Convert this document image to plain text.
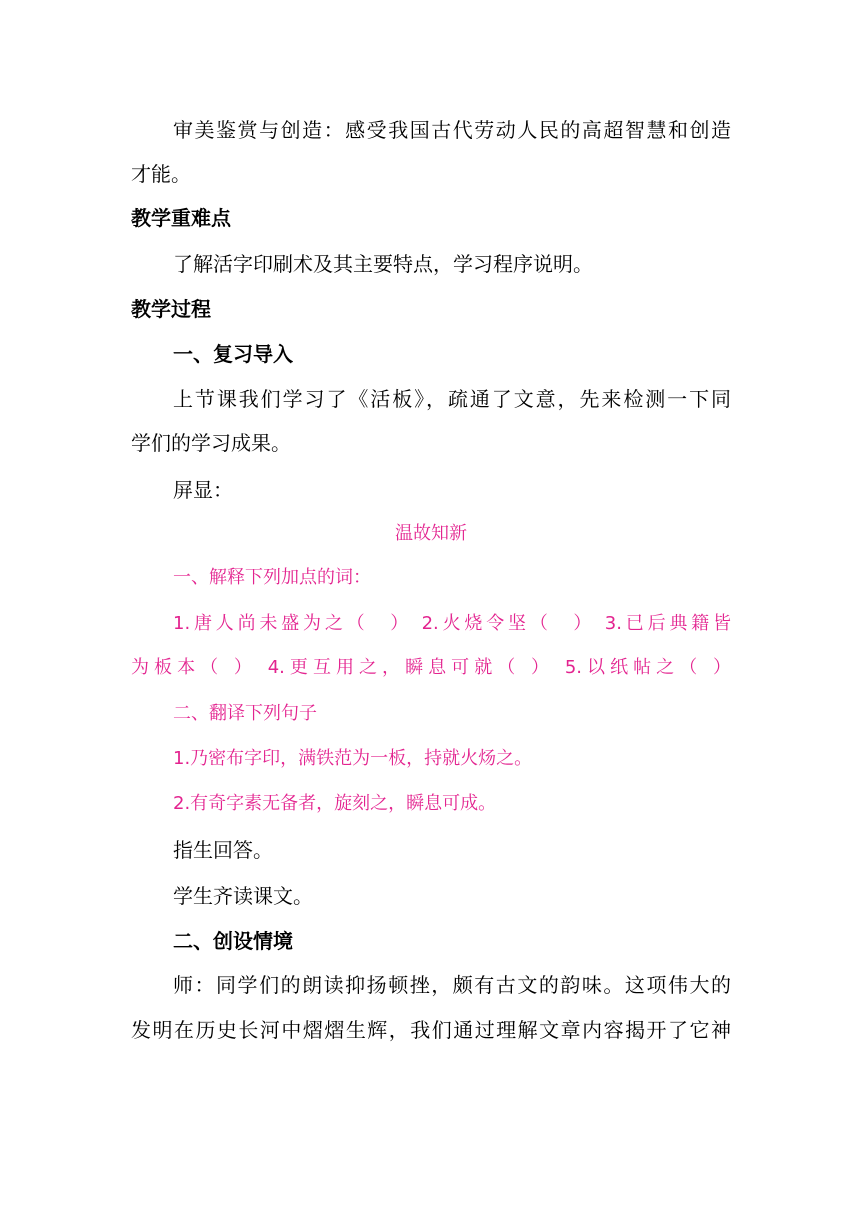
审美鉴赏与创造：感受我国古代劳动人民的高超智慧和创造
才能。
教学重难点
了解活字印刷术及其主要特点，学习程序说明。
教学过程
一、复习导入
上节课我们学习了《活板》，疏通了文意，先来检测一下同
学们的学习成果。
屏显：
温故知新
一、解释下列加点的词：
1.唐人尚未盛为之（　） 2.火烧令坚（　） 3.已后典籍皆
为板本（ ） 4.更互用之，瞬息可就（ ） 5.以纸帖之（ ）
二、翻译下列句子
1.乃密布字印，满铁范为一板，持就火炀之。
2.有奇字素无备者，旋刻之，瞬息可成。
指生回答。
学生齐读课文。
二、创设情境
师：同学们的朗读抑扬顿挫，颇有古文的韵味。这项伟大的
发明在历史长河中熠熠生辉，我们通过理解文章内容揭开了它神
